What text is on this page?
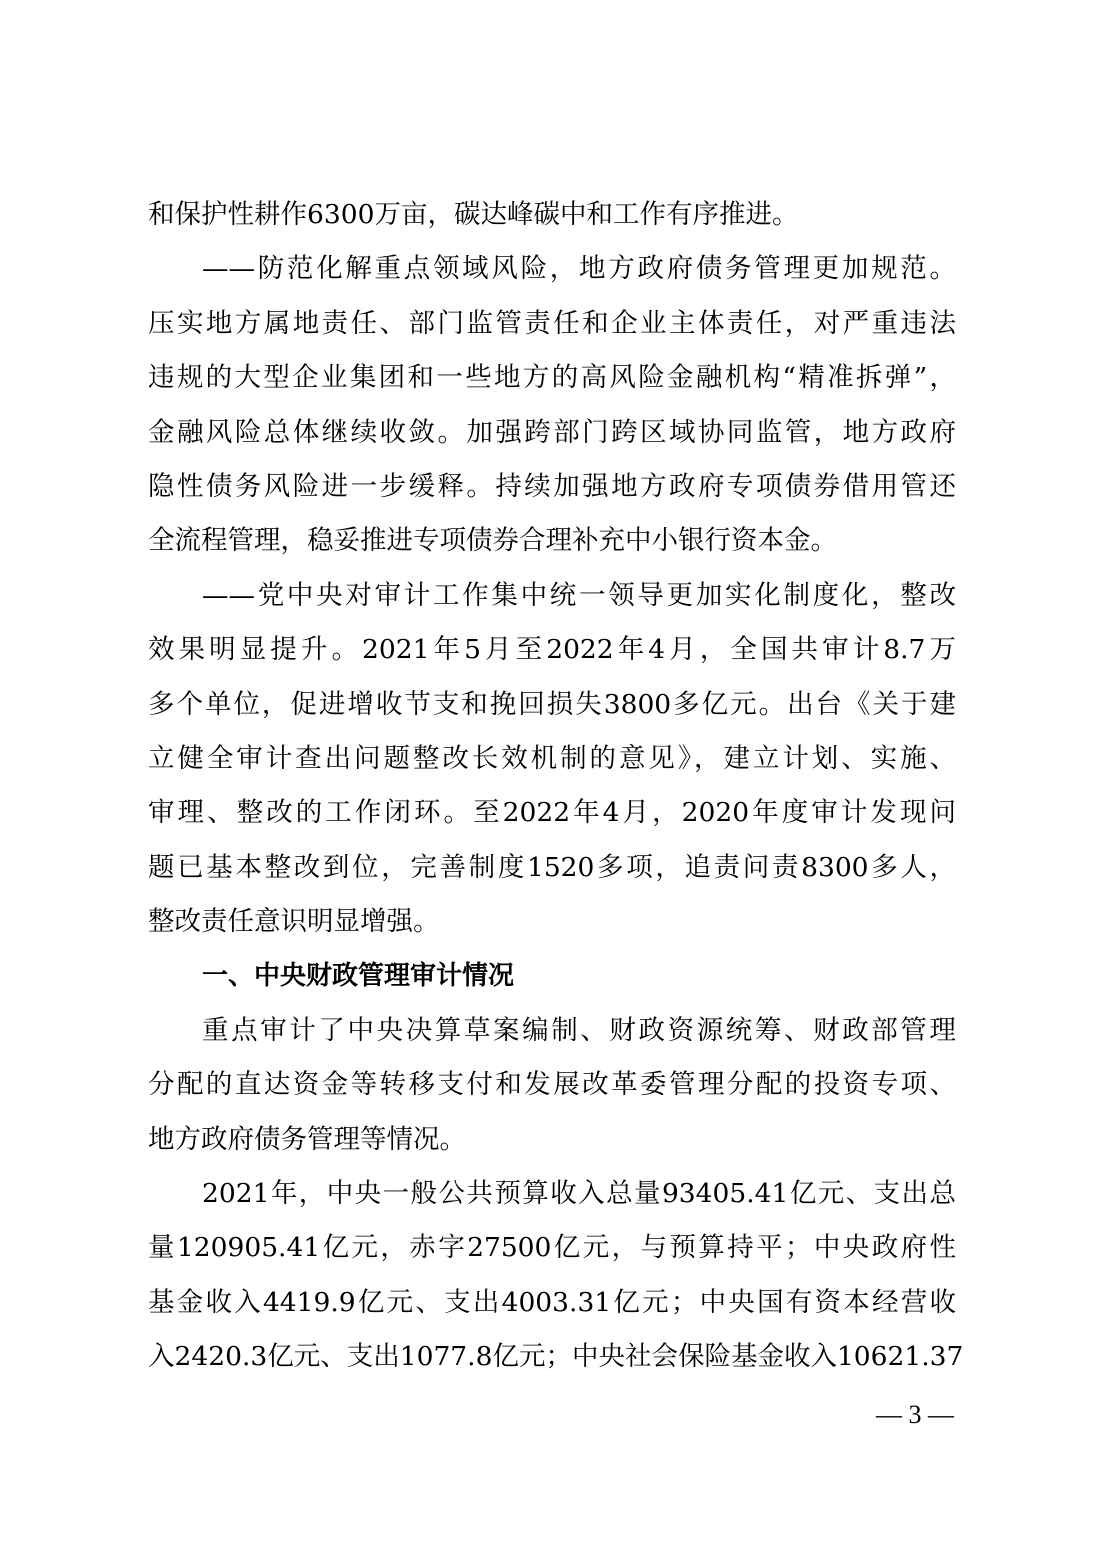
和保护性耕作6300万亩，碳达峰碳中和工作有序推进。
——防范化解重点领域风险，地方政府债务管理更加规范。
压实地方属地责任、部门监管责任和企业主体责任，对严重违法
违规的大型企业集团和一些地方的高风险金融机构“精准拆弹”，
金融风险总体继续收敛。加强跨部门跨区域协同监管，地方政府
隐性债务风险进一步缓释。持续加强地方政府专项债券借用管还
全流程管理，稳妥推进专项债券合理补充中小银行资本金。
——党中央对审计工作集中统一领导更加实化制度化，整改
效果明显提升。2021年5月至2022年4月，全国共审计8.7万
多个单位，促进增收节支和挽回损失3800多亿元。出台《关于建
立健全审计查出问题整改长效机制的意见》，建立计划、实施、
审理、整改的工作闭环。至2022年4月，2020年度审计发现问
题已基本整改到位，完善制度1520多项，追责问责8300多人，
整改责任意识明显增强。
一、中央财政管理审计情况
重点审计了中央决算草案编制、财政资源统筹、财政部管理
分配的直达资金等转移支付和发展改革委管理分配的投资专项、
地方政府债务管理等情况。
2021年，中央一般公共预算收入总量93405.41亿元、支出总
量120905.41亿元，赤字27500亿元，与预算持平；中央政府性
基金收入4419.9亿元、支出4003.31亿元；中央国有资本经营收
入2420.3亿元、支出1077.8亿元；中央社会保险基金收入10621.37
— 3 —
